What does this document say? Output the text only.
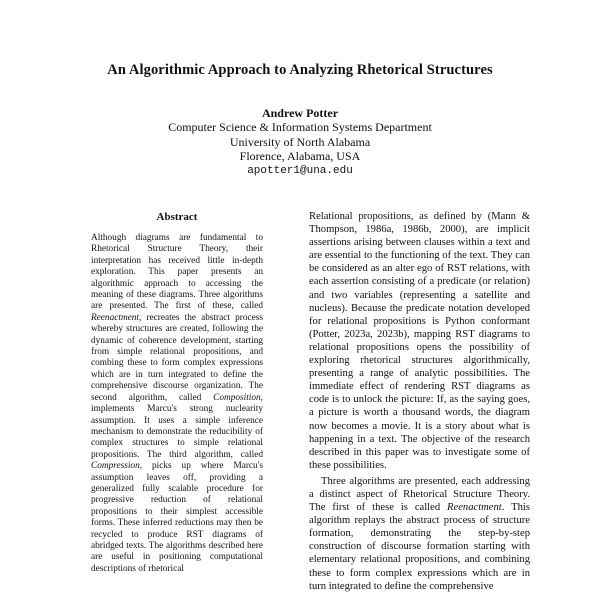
An Algorithmic Approach to Analyzing Rhetorical Structures
Andrew Potter
Computer Science & Information Systems Department
University of North Alabama
Florence, Alabama, USA
apotter1@una.edu
Abstract

Although diagrams are fundamental to Rhetorical Structure Theory, their interpretation has received little in-depth exploration. This paper presents an algorithmic approach to accessing the meaning of these diagrams. Three algorithms are presented. The first of these, called Reenactment, recreates the abstract process whereby structures are created, following the dynamic of coherence development, starting from simple relational propositions, and combing these to form complex expressions which are in turn integrated to define the comprehensive discourse organization. The second algorithm, called Composition, implements Marcu's strong nuclearity assumption. It uses a simple inference mechanism to demonstrate the reducibility of complex structures to simple relational propositions. The third algorithm, called Compression, picks up where Marcu's assumption leaves off, providing a generalized fully scalable procedure for progressive reduction of relational propositions to their simplest accessible forms. These inferred reductions may then be recycled to produce RST diagrams of abridged texts. The algorithms described here are useful in positioning computational descriptions of rhetorical

Relational propositions, as defined by (Mann & Thompson, 1986a, 1986b, 2000), are implicit assertions arising between clauses within a text and are essential to the functioning of the text. They can be considered as an alter ego of RST relations, with each assertion consisting of a predicate (or relation) and two variables (representing a satellite and nucleus). Because the predicate notation developed for relational propositions is Python conformant (Potter, 2023a, 2023b), mapping RST diagrams to relational propositions opens the possibility of exploring rhetorical structures algorithmically, presenting a range of analytic possibilities. The immediate effect of rendering RST diagrams as code is to unlock the picture: If, as the saying goes, a picture is worth a thousand words, the diagram now becomes a movie. It is a story about what is happening in a text. The objective of the research described in this paper was to investigate some of these possibilities.

Three algorithms are presented, each addressing a distinct aspect of Rhetorical Structure Theory. The first of these is called Reenactment. This algorithm replays the abstract process of structure formation, demonstrating the step-by-step construction of discourse formation starting with elementary relational propositions, and combining these to form complex expressions which are in turn integrated to define the comprehensive
